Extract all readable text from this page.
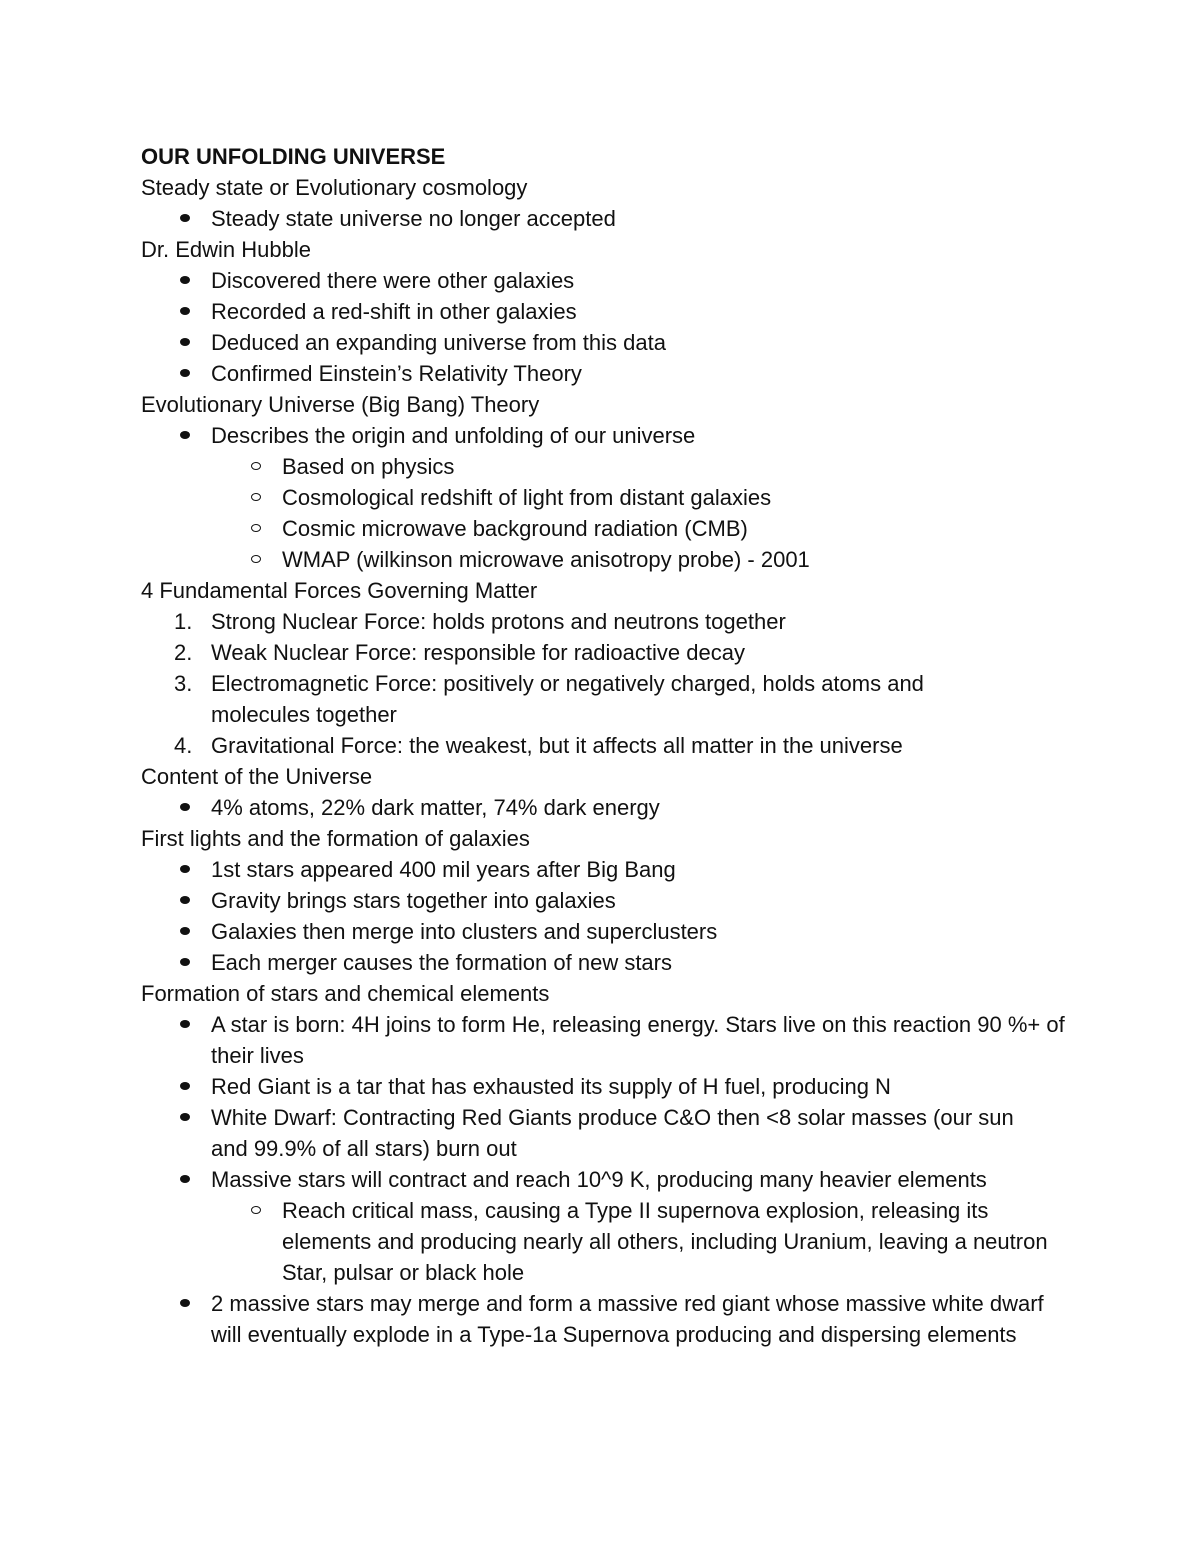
OUR UNFOLDING UNIVERSE

Steady state or Evolutionary cosmology

Steady state universe no longer accepted

Dr. Edwin Hubble

Discovered there were other galaxies
Recorded a red-shift in other galaxies
Deduced an expanding universe from this data
Confirmed Einstein’s Relativity Theory

Evolutionary Universe (Big Bang) Theory

Describes the origin and unfolding of our universe
Based on physics
Cosmological redshift of light from distant galaxies
Cosmic microwave background radiation (CMB)
WMAP (wilkinson microwave anisotropy probe) - 2001

4 Fundamental Forces Governing Matter

1. Strong Nuclear Force: holds protons and neutrons together
2. Weak Nuclear Force: responsible for radioactive decay
3. Electromagnetic Force: positively or negatively charged, holds atoms and molecules together
4. Gravitational Force: the weakest, but it affects all matter in the universe

Content of the Universe

4% atoms, 22% dark matter, 74% dark energy

First lights and the formation of galaxies

1st stars appeared 400 mil years after Big Bang
Gravity brings stars together into galaxies
Galaxies then merge into clusters and superclusters
Each merger causes the formation of new stars

Formation of stars and chemical elements

A star is born: 4H joins to form He, releasing energy. Stars live on this reaction 90 %+ of their lives
Red Giant is a tar that has exhausted its supply of H fuel, producing N
White Dwarf: Contracting Red Giants produce C&O then <8 solar masses (our sun and 99.9% of all stars) burn out
Massive stars will contract and reach 10^9 K, producing many heavier elements
Reach critical mass, causing a Type II supernova explosion, releasing its elements and producing nearly all others, including Uranium, leaving a neutron Star, pulsar or black hole
2 massive stars may merge and form a massive red giant whose massive white dwarf will eventually explode in a Type-1a Supernova producing and dispersing elements
